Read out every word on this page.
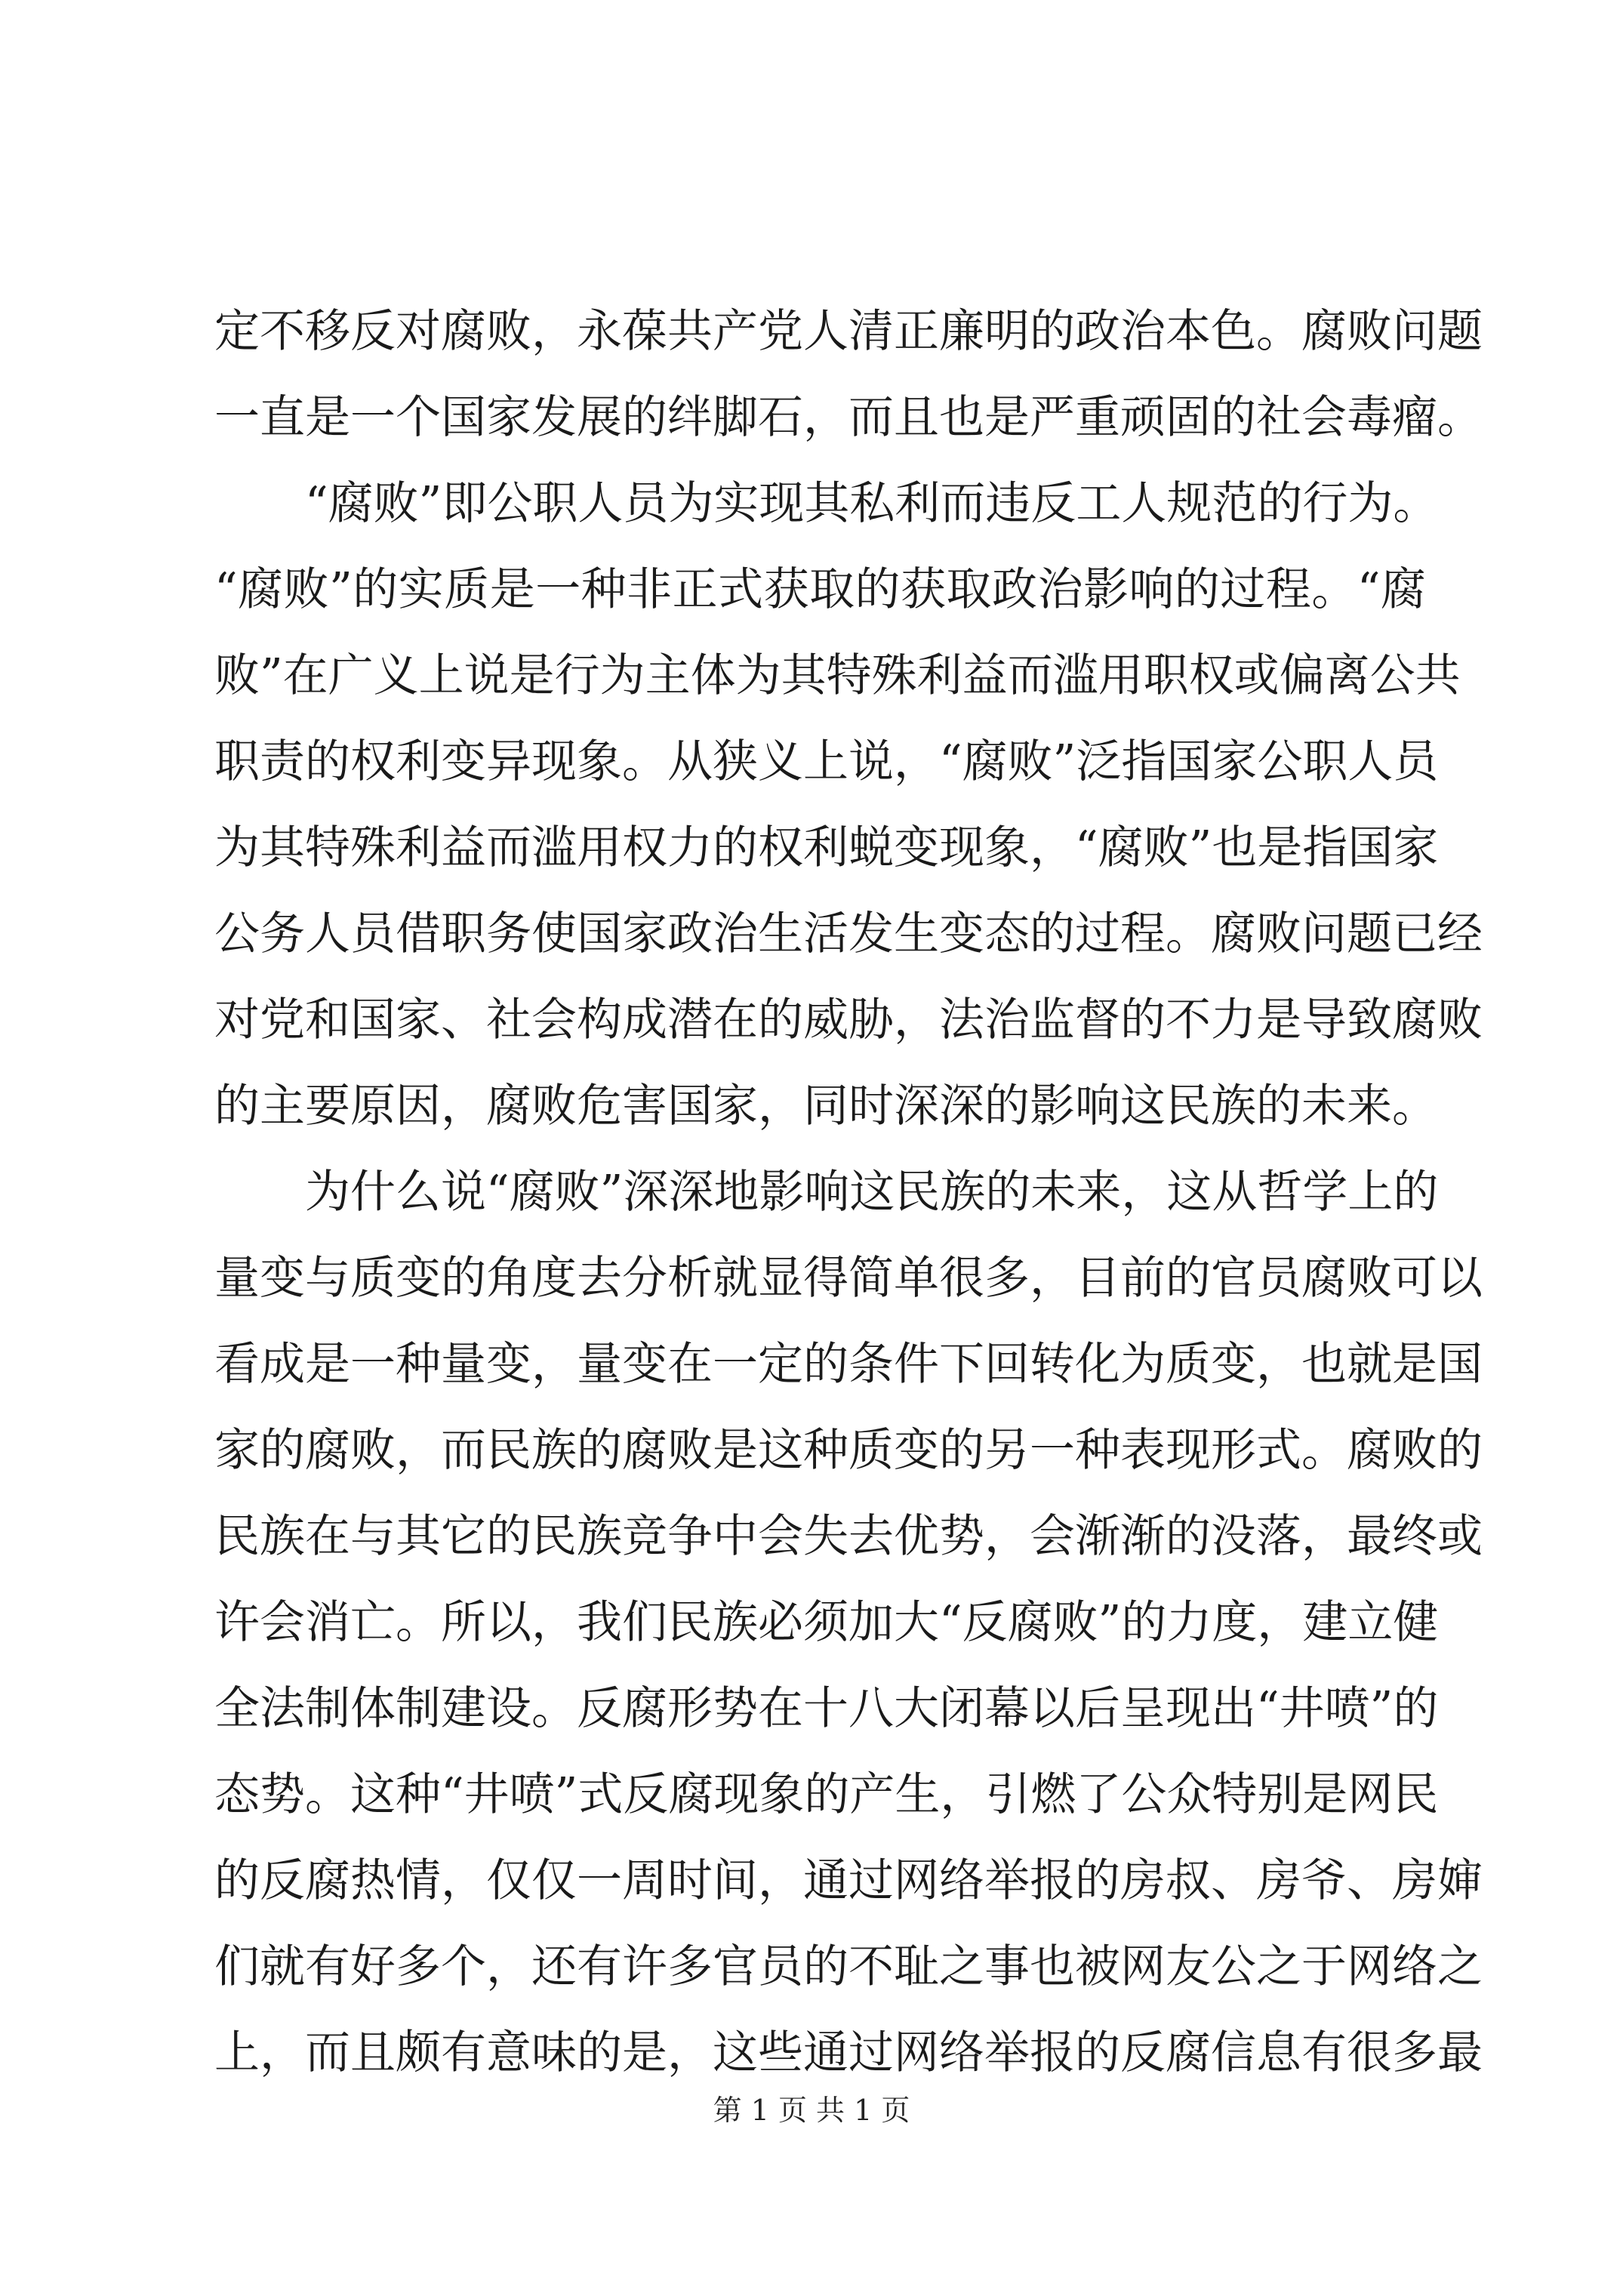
定不移反对腐败，永葆共产党人清正廉明的政治本色。腐败问题
一直是一个国家发展的绊脚石，而且也是严重顽固的社会毒瘤。
　　“腐败”即公职人员为实现其私利而违反工人规范的行为。
“腐败”的实质是一种非正式获取的获取政治影响的过程。“腐
败”在广义上说是行为主体为其特殊利益而滥用职权或偏离公共
职责的权利变异现象。从狭义上说，“腐败”泛指国家公职人员
为其特殊利益而滥用权力的权利蜕变现象，“腐败”也是指国家
公务人员借职务使国家政治生活发生变态的过程。腐败问题已经
对党和国家、社会构成潜在的威胁，法治监督的不力是导致腐败
的主要原因，腐败危害国家，同时深深的影响这民族的未来。
　　为什么说“腐败”深深地影响这民族的未来，这从哲学上的
量变与质变的角度去分析就显得简单很多，目前的官员腐败可以
看成是一种量变，量变在一定的条件下回转化为质变，也就是国
家的腐败，而民族的腐败是这种质变的另一种表现形式。腐败的
民族在与其它的民族竞争中会失去优势，会渐渐的没落，最终或
许会消亡。所以，我们民族必须加大“反腐败”的力度，建立健
全法制体制建设。反腐形势在十八大闭幕以后呈现出“井喷”的
态势。这种“井喷”式反腐现象的产生，引燃了公众特别是网民
的反腐热情，仅仅一周时间，通过网络举报的房叔、房爷、房婶
们就有好多个，还有许多官员的不耻之事也被网友公之于网络之
上，而且颇有意味的是，这些通过网络举报的反腐信息有很多最
第 1 页 共 1 页
